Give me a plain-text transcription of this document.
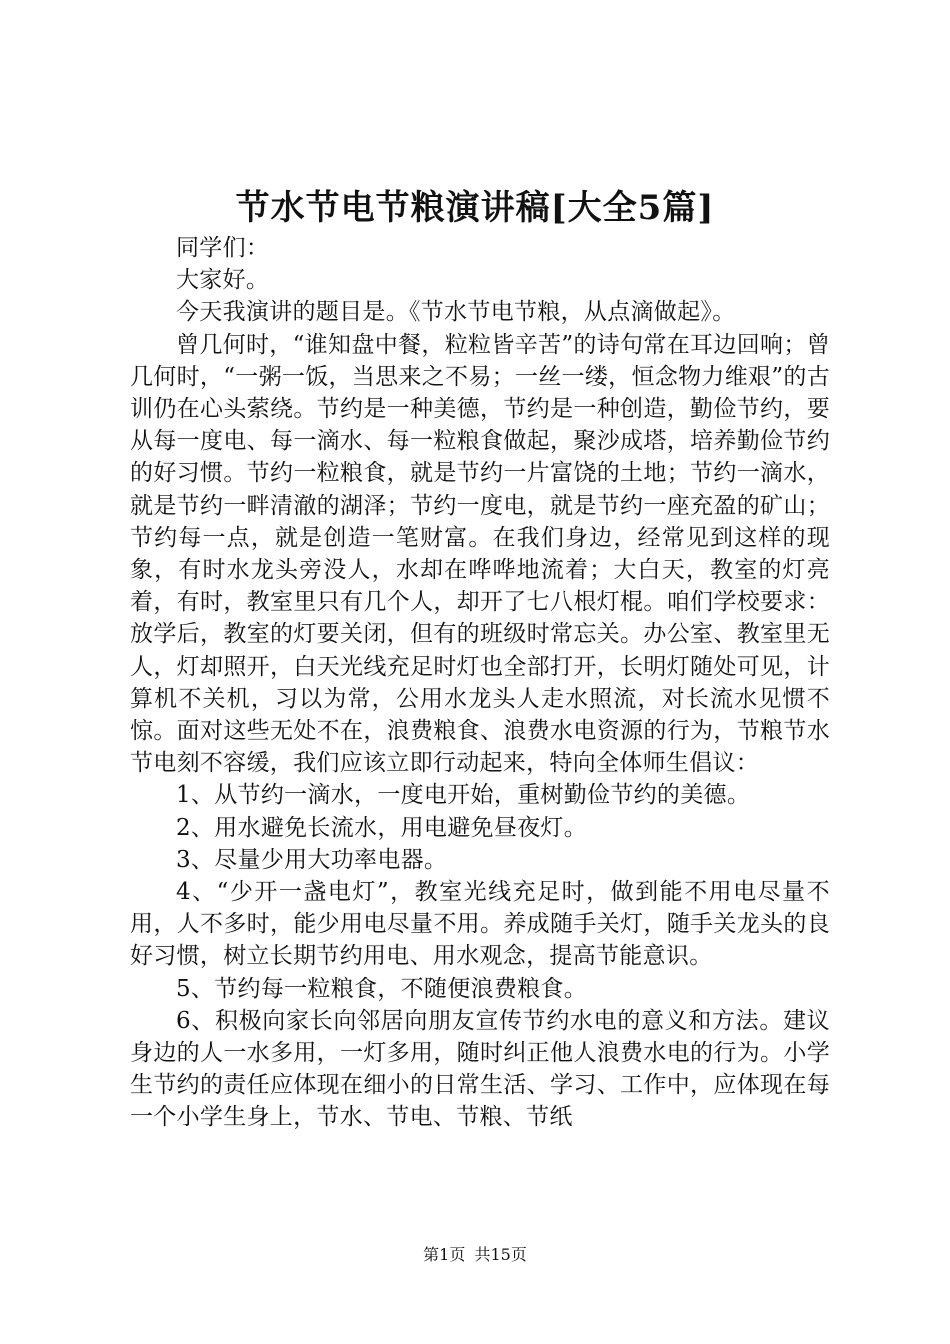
节水节电节粮演讲稿[大全5篇]

同学们：

大家好。

今天我演讲的题目是。《节水节电节粮，从点滴做起》。

曾几何时，“谁知盘中餐，粒粒皆辛苦”的诗句常在耳边回响；曾几何时，“一粥一饭，当思来之不易；一丝一缕，恒念物力维艰”的古训仍在心头萦绕。节约是一种美德，节约是一种创造，勤俭节约，要从每一度电、每一滴水、每一粒粮食做起，聚沙成塔，培养勤俭节约的好习惯。节约一粒粮食，就是节约一片富饶的土地；节约一滴水，就是节约一畔清澈的湖泽；节约一度电，就是节约一座充盈的矿山；节约每一点，就是创造一笔财富。在我们身边，经常见到这样的现象，有时水龙头旁没人，水却在哗哗地流着；大白天，教室的灯亮着，有时，教室里只有几个人，却开了七八根灯棍。咱们学校要求：放学后，教室的灯要关闭，但有的班级时常忘关。办公室、教室里无人，灯却照开，白天光线充足时灯也全部打开，长明灯随处可见，计算机不关机，习以为常，公用水龙头人走水照流，对长流水见惯不惊。面对这些无处不在，浪费粮食、浪费水电资源的行为，节粮节水节电刻不容缓，我们应该立即行动起来，特向全体师生倡议：

1、从节约一滴水，一度电开始，重树勤俭节约的美德。

2、用水避免长流水，用电避免昼夜灯。

3、尽量少用大功率电器。

4、“少开一盏电灯”，教室光线充足时，做到能不用电尽量不用，人不多时，能少用电尽量不用。养成随手关灯，随手关龙头的良好习惯，树立长期节约用电、用水观念，提高节能意识。

5、节约每一粒粮食，不随便浪费粮食。

6、积极向家长向邻居向朋友宣传节约水电的意义和方法。建议身边的人一水多用，一灯多用，随时纠正他人浪费水电的行为。小学生节约的责任应体现在细小的日常生活、学习、工作中，应体现在每一个小学生身上，节水、节电、节粮、节纸

第1页 共15页
